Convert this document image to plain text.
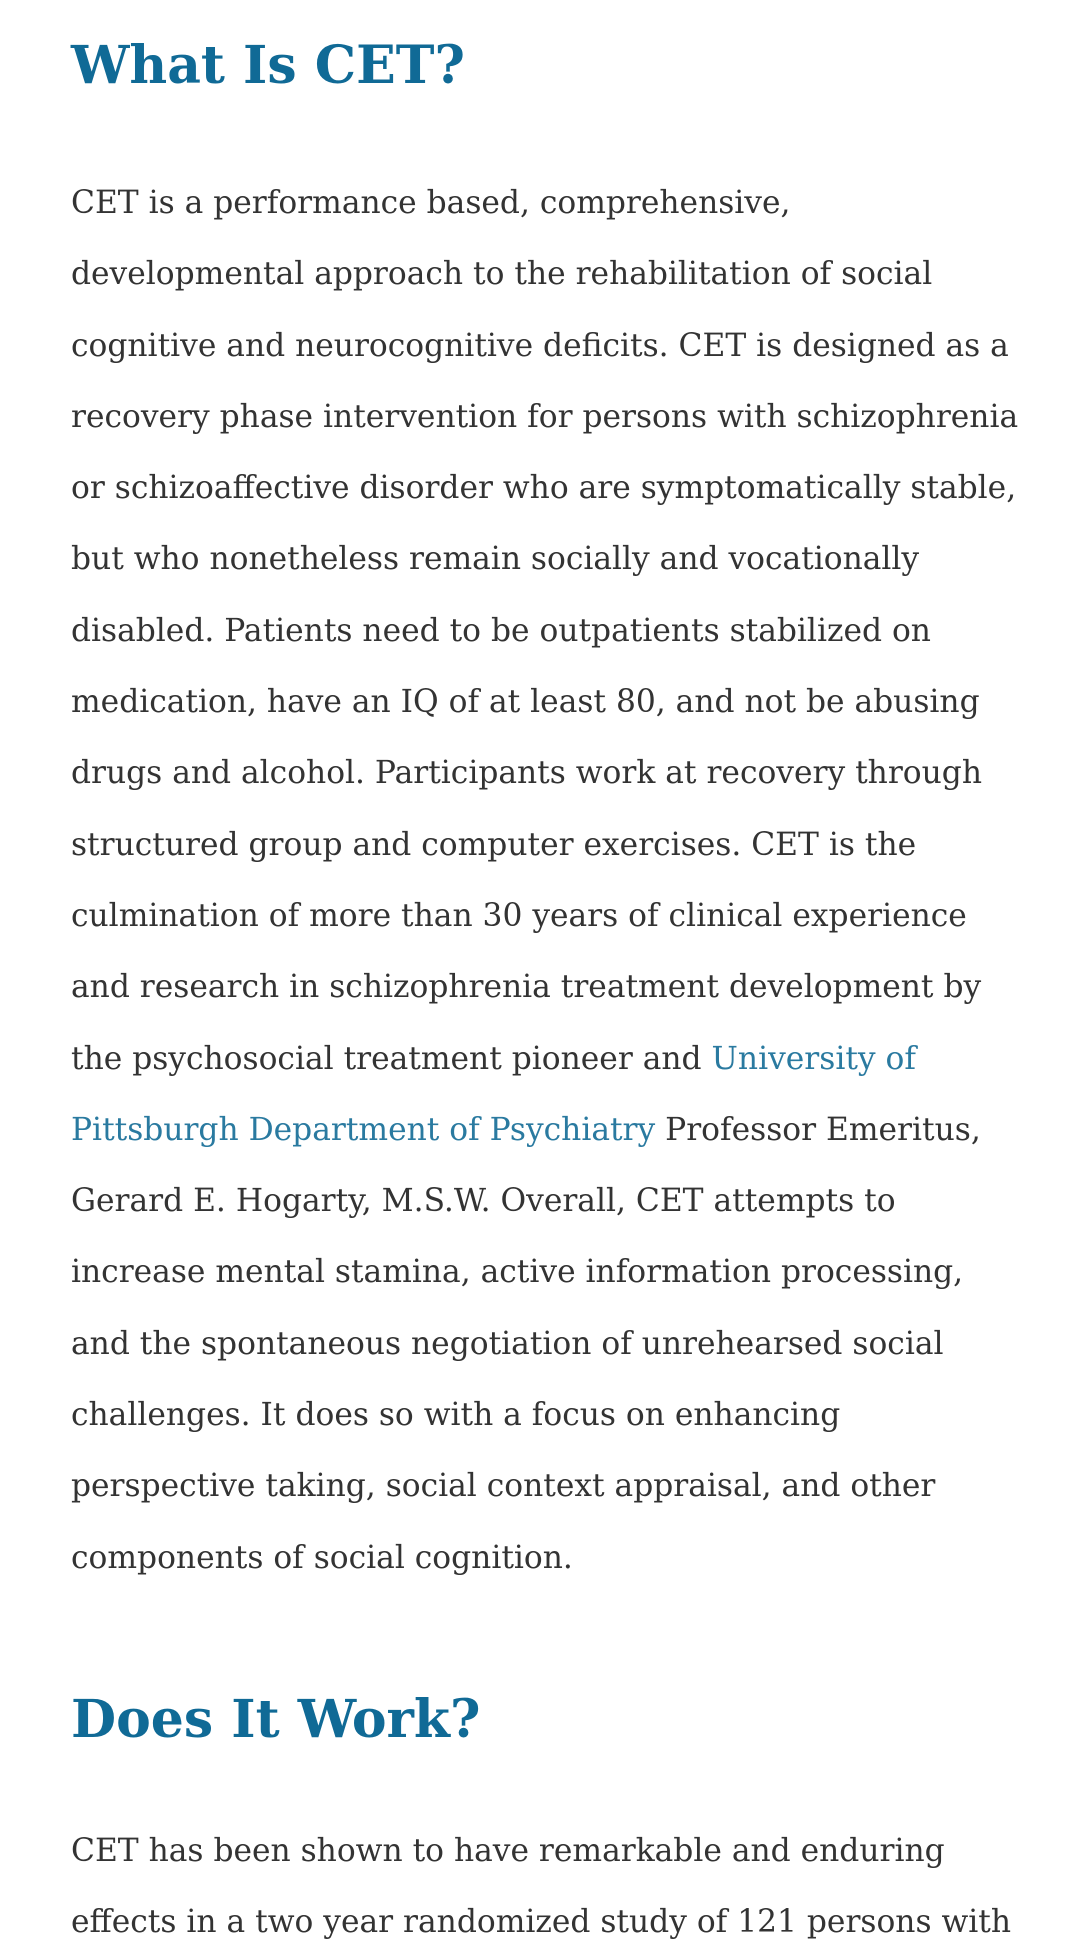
What Is CET?

CET is a performance based, comprehensive, developmental approach to the rehabilitation of social cognitive and neurocognitive deficits. CET is designed as a recovery phase intervention for persons with schizophrenia or schizoaffective disorder who are symptomatically stable, but who nonetheless remain socially and vocationally disabled. Patients need to be outpatients stabilized on medication, have an IQ of at least 80, and not be abusing drugs and alcohol. Participants work at recovery through structured group and computer exercises. CET is the culmination of more than 30 years of clinical experience and research in schizophrenia treatment development by the psychosocial treatment pioneer and University of Pittsburgh Department of Psychiatry Professor Emeritus, Gerard E. Hogarty, M.S.W. Overall, CET attempts to increase mental stamina, active information processing, and the spontaneous negotiation of unrehearsed social challenges. It does so with a focus on enhancing perspective taking, social context appraisal, and other components of social cognition.

Does It Work?

CET has been shown to have remarkable and enduring effects in a two year randomized study of 121 persons with
